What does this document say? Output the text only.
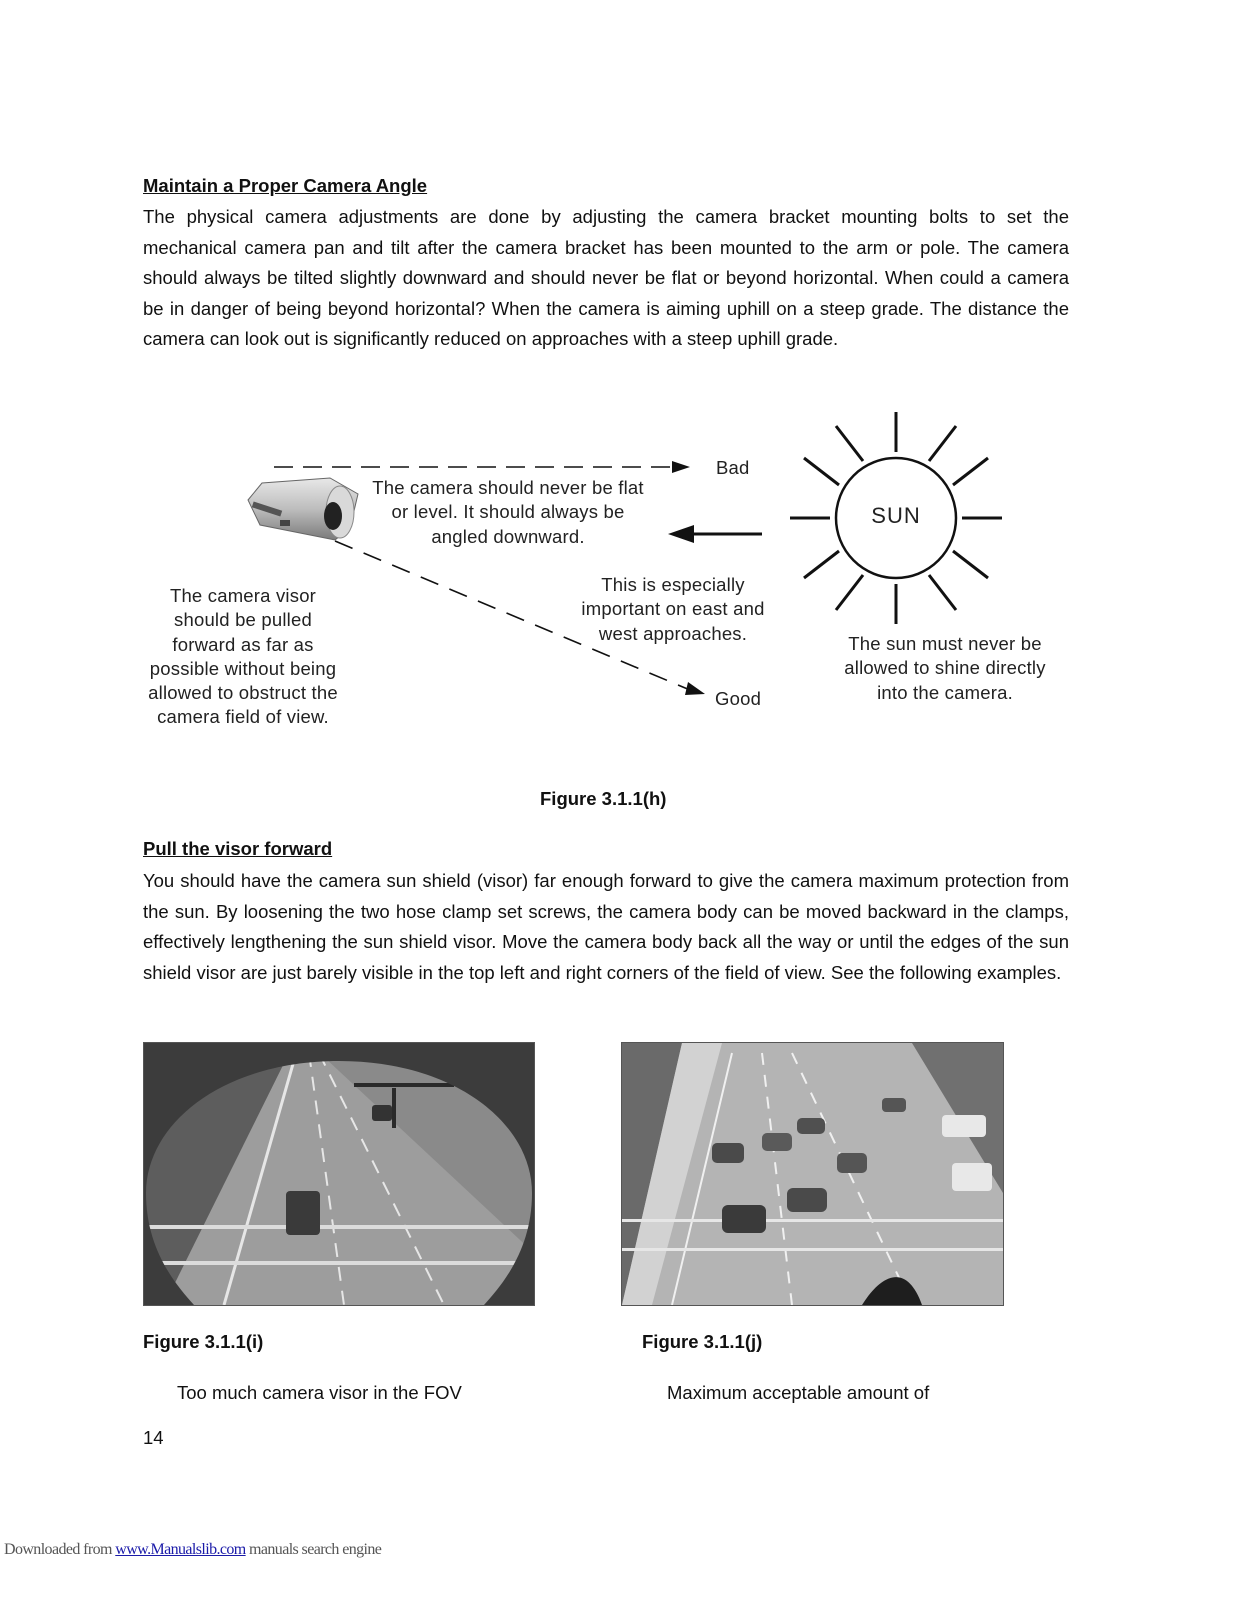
Maintain a Proper Camera Angle
The physical camera adjustments are done by adjusting the camera bracket mounting bolts to set the mechanical camera pan and tilt after the camera bracket has been mounted to the arm or pole. The camera should always be tilted slightly downward and should never be flat or beyond horizontal. When could a camera be in danger of being beyond horizontal? When the camera is aiming uphill on a steep grade. The distance the camera can look out is significantly reduced on approaches with a steep uphill grade.
Bad
Good
SUN
The camera should never be flat or level. It should always be angled downward.
The camera visor should be pulled forward as far as possible without being allowed to obstruct the camera field of view.
This is especially important on east and west approaches.	The sun must never be allowed to shine directly into the camera.
Figure 3.1.1(h)
Pull the visor forward
You should have the camera sun shield (visor) far enough forward to give the camera maximum protection from the sun. By loosening the two hose clamp set screws, the camera body can be moved backward in the clamps, effectively lengthening the sun shield visor. Move the camera body back all the way or until the edges of the sun shield visor are just barely visible in the top left and right corners of the field of view. See the following examples.
Figure 3.1.1(i)	Figure 3.1.1(j)
Too much camera visor in the FOV	Maximum acceptable amount of
14
Downloaded from www.Manualslib.com manuals search engine
